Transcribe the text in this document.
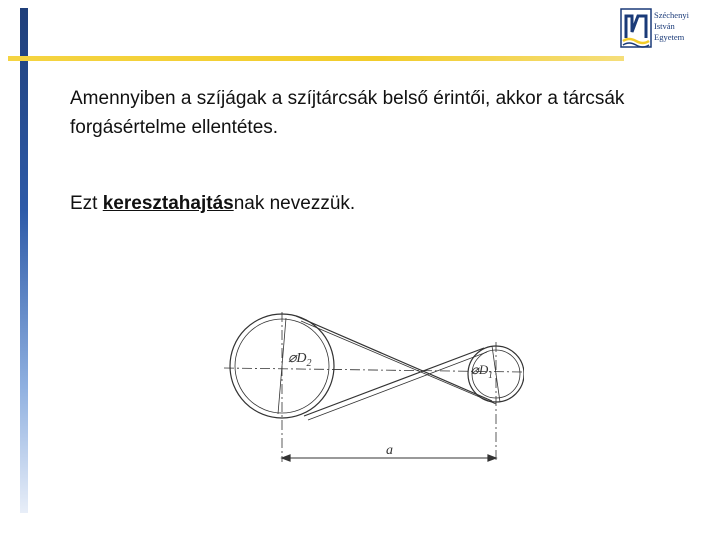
Széchenyi
István
Egyetem

Amennyiben a szíjágak a szíjtárcsák belső érintői, akkor a tárcsák forgásértelme ellentétes.

Ezt keresztahajtásnak nevezzük.

$⌀D_2$	$⌀D_1$
a
